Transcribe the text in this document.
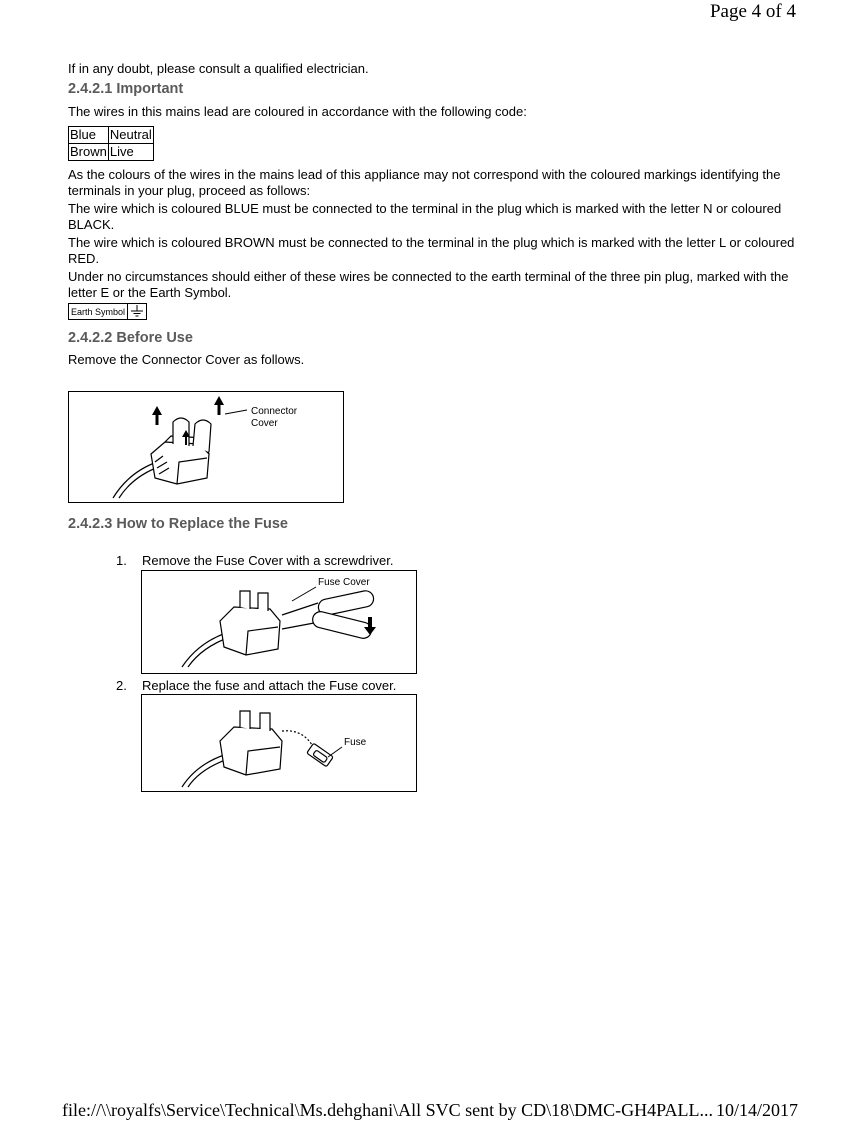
Page 4 of 4

If in any doubt, please consult a qualified electrician.

2.4.2.1 Important

The wires in this mains lead are coloured in accordance with the following code:

Blue	Neutral
Brown	Live

As the colours of the wires in the mains lead of this appliance may not correspond with the coloured markings identifying the terminals in your plug, proceed as follows:

The wire which is coloured BLUE must be connected to the terminal in the plug which is marked with the letter N or coloured BLACK.

The wire which is coloured BROWN must be connected to the terminal in the plug which is marked with the letter L or coloured RED.

Under no circumstances should either of these wires be connected to the earth terminal of the three pin plug, marked with the letter E or the Earth Symbol.

Earth Symbol	

2.4.2.2 Before Use

Remove the Connector Cover as follows.

Connector
Cover

2.4.2.3 How to Replace the Fuse

1. Remove the Fuse Cover with a screwdriver.

Fuse Cover

2. Replace the fuse and attach the Fuse cover.

Fuse
file://\\royalfs\Service\Technical\Ms.dehghani\All SVC sent by CD\18\DMC-GH4PALL... 10/14/2017
